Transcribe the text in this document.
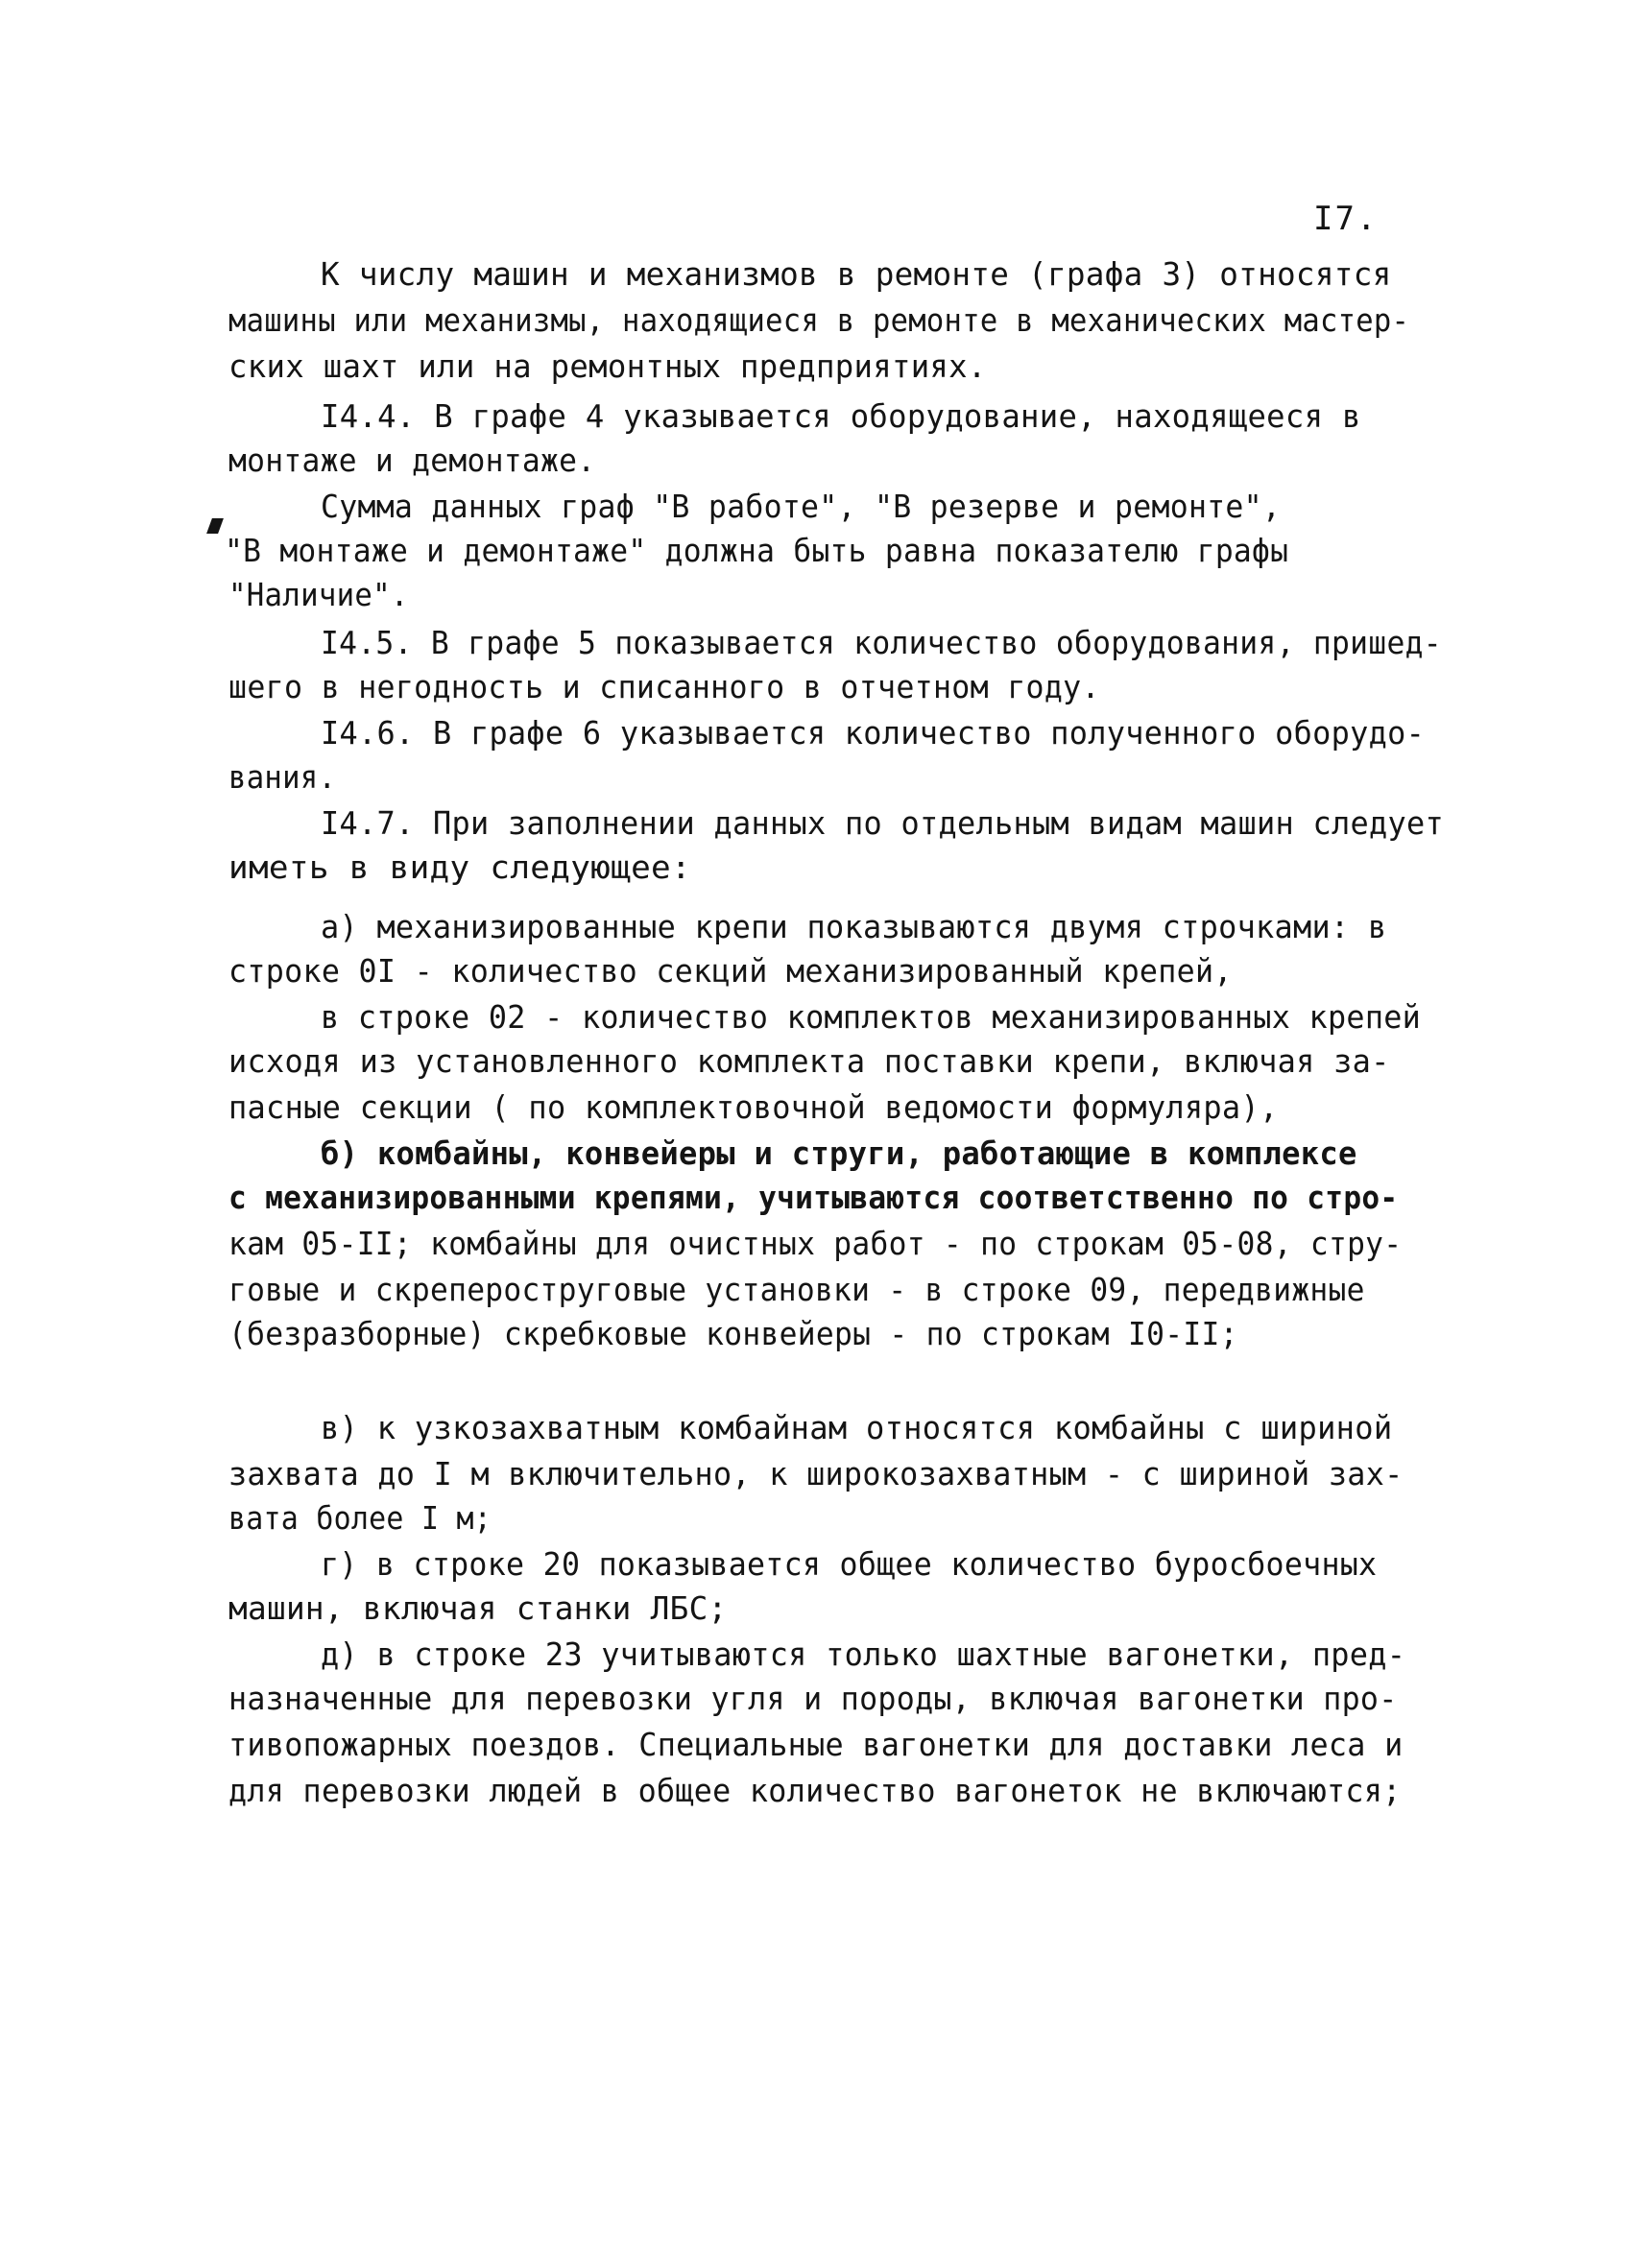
I7.
К числу машин и механизмов в ремонте (графа 3) относятся
машины или механизмы, находящиеся в ремонте в механических мастер-
ских шахт или на ремонтных предприятиях.
I4.4. В графе 4 указывается оборудование, находящееся в
монтаже и демонтаже.
Сумма данных граф "В работе", "В резерве и ремонте",
"В монтаже и демонтаже" должна быть равна показателю графы
"Наличие".
I4.5. В графе 5 показывается количество оборудования, пришед-
шего в негодность и списанного в отчетном году.
I4.6. В графе 6 указывается количество полученного оборудо-
вания.
I4.7. При заполнении данных по отдельным видам машин следует
иметь в виду следующее:
а) механизированные крепи показываются двумя строчками: в
строке 0I - количество секций механизированный крепей,
в строке 02 - количество комплектов механизированных крепей
исходя из установленного комплекта поставки крепи, включая за-
пасные секции ( по комплектовочной ведомости формуляра),
б) комбайны, конвейеры и струги, работающие в комплексе
с механизированными крепями, учитываются соответственно по стро-
кам 05-II; комбайны для очистных работ - по строкам 05-08, стру-
говые и скрепероструговые установки - в строке 09, передвижные
(безразборные) скребковые конвейеры - по строкам I0-II;
в) к узкозахватным комбайнам относятся комбайны с шириной
захвата до I м включительно, к широкозахватным - с шириной зах-
вата более I м;
г) в строке 20 показывается общее количество буросбоечных
машин, включая станки ЛБС;
д) в строке 23 учитываются только шахтные вагонетки, пред-
назначенные для перевозки угля и породы, включая вагонетки про-
тивопожарных поездов. Специальные вагонетки для доставки леса и
для перевозки людей в общее количество вагонеток не включаются;
